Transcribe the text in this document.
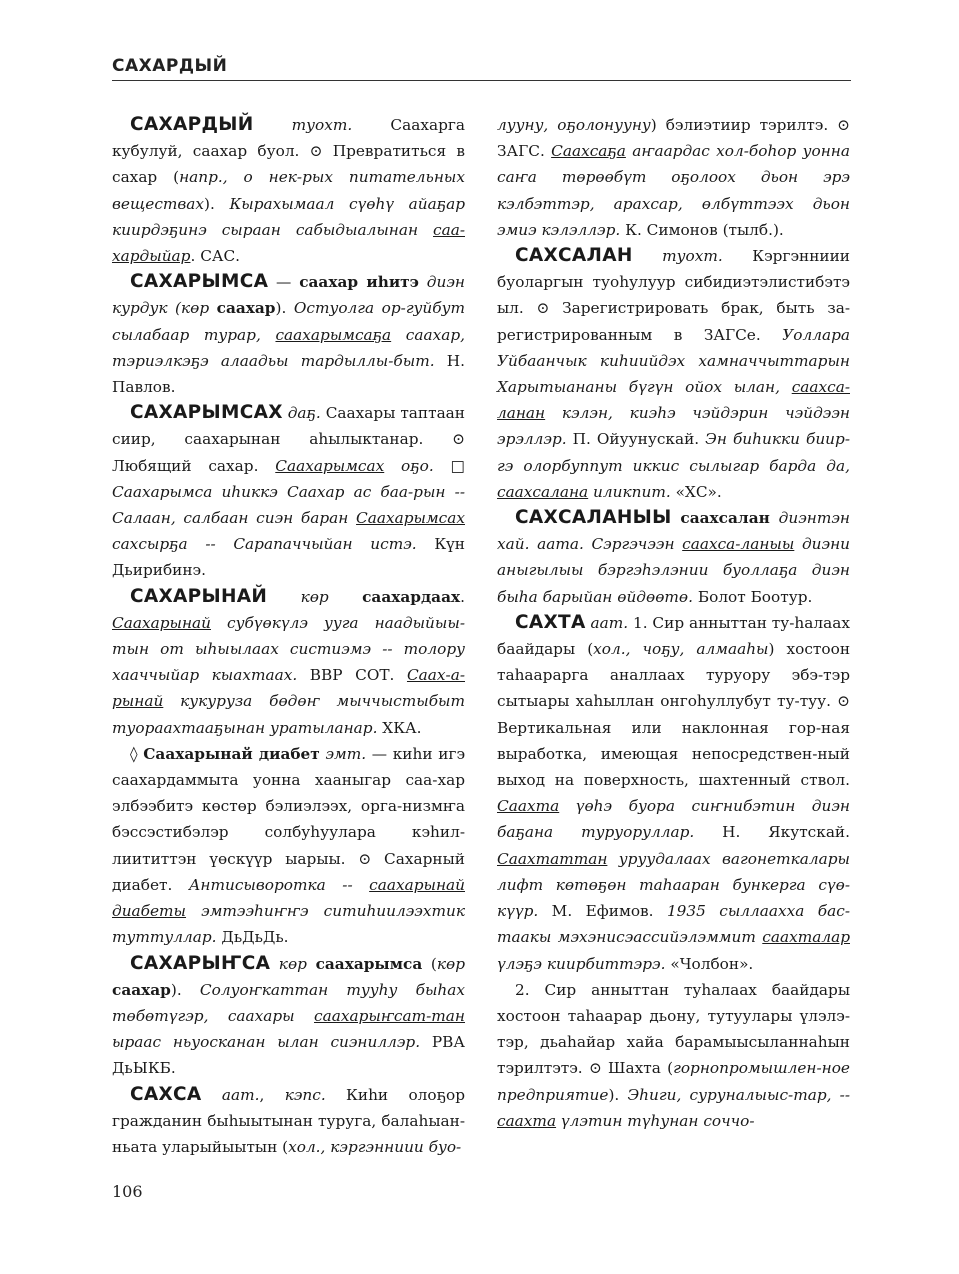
САХАРДЫЙ

САХАРДЫЙ туохт. Саахарга кубулуй, саахар буол. ⊙ Превратиться в сахар (напр., о нек-рых питательных веществах). Кырахымаал сүөһү айаҕар киирдэҕинэ сыраан сабыдыалынан саа-хардыйар. САС.

САХАРЫМСА — саахар иһитэ диэн курдук (көр саахар). Остуолга ор-гуйбут сылабаар турар, саахарымсаҕа саахар, тэриэлкэҕэ алаадьы тардыллы-быт. Н. Павлов.

САХАРЫМСАХ даҕ. Саахары таптаан сиир, саахарынан аһылыктанар. ⊙ Любящий сахар. Саахарымсах оҕо. □ Саахарымса иһиккэ Саахар ас баа-рын -- Салаан, салбаан сиэн баран Саахарымсах сахсырҕа -- Сарапаччыйан истэ. Күн Дьирибинэ.

САХАРЫНАЙ көр саахардаах. Саахарынай субүөкүлэ ууга наадыйыы-тын от ыһыылаах систиэмэ -- толору хааччыйар кыахтаах. ВВР СОТ. Саах-а-рынай кукуруза бөдөҥ мыччыстыбыт туораахтааҕынан уратыланар. ХКА.

◊ Саахарынай диабет эмт. — киһи игэ саахардаммыта уонна хааныгар саа-хар элбээбитэ көстөр бэлиэлээх, орга-низмҥа бэссэстибэлэр солбуһуулара кэһил-лиититтэн үөскүүр ыарыы. ⊙ Сахарный диабет. Антисыворотка -- саахарынай диабеты эмтээһиҥҥэ ситиһиилээхтик туттуллар. ДьДьДь.

САХАРЫҤСА көр саахарымса (көр саахар). Солуоҥкаттан тууһу быһах төбөтүгэр, саахары саахарыҥсат-тан ыраас ньуосканан ылан сиэниллэр. РВА ДьЫКБ.

САХСА аат., кэпс. Киһи олоҕор гражданин быһыытынан туруга, балаһыан-ньата уларыйыытын (хол., кэргэнниии буо-

лууну, оҕолонууну) бэлиэтиир тэрилтэ. ⊙ ЗАГС. Саахсаҕа аҥаардас хол-боһор уонна саҥа төрөөбүт оҕолоох дьон эрэ кэлбэттэр, арахсар, өлбүттээх дьон эмиэ кэлэллэр. К. Симонов (тылб.).

САХСАЛАН туохт. Кэргэнниии буоларгын туоһулуур сибидиэтэлистибэтэ ыл. ⊙ Зарегистрировать брак, быть за-регистрированным в ЗАГСе. Уоллара Уйбаанчык киһиийдэх хамначчыттарын Харытыананы бүгүн ойох ылан, саахса-ланан кэлэн, киэһэ чэйдэрин чэйдээн эрэллэр. П. Ойуунускай. Эн биһикки биир-гэ олорбуппут иккис сылыгар барда да, саахсалана иликпит. «ХС».

САХСАЛАНЫЫ саахсалан диэнтэн хай. аата. Сэргэчээн саахса-ланыы диэни аныгылыы бэргэһэлэнии буоллаҕа диэн быһа барыйан өйдөөтө. Болот Боотур.

САХТА аат. 1. Сир анныттан ту-һалаах баайдары (хол., чоҕу, алмааһы) хостоон таһаарарга аналлаах туруору эбэ-тэр сытыары хаһыллан онгоһуллубут ту-туу. ⊙ Вертикальная или наклонная гор-ная выработка, имеющая непосредствен-ный выход на поверхность, шахтенный ствол. Саахта үөһэ буора сиҥнибэтин диэн баҕана туруоруллар. Н. Якутскай. Саахтаттан уруудалаах вагонеткалары лифт көтөҕөн таһааран бункерга сүө-күүр. М. Ефимов. 1935 сыллаахха бас-таакы мэхэнисэассийэлэммит саахталар үлэҕэ киирбиттэрэ. «Чолбон».

2. Сир анныттан туһалаах баайдары хостоон таһаарар дьону, тутуулары үлэлэ-тэр, дьаһайар хайа барамыысыланнаһын тэрилтэтэ. ⊙ Шахта (горнопромышлен-ное предприятие). Эһиги, суруналыыс-тар, -- саахта үлэтин түһунан соччо-

106
